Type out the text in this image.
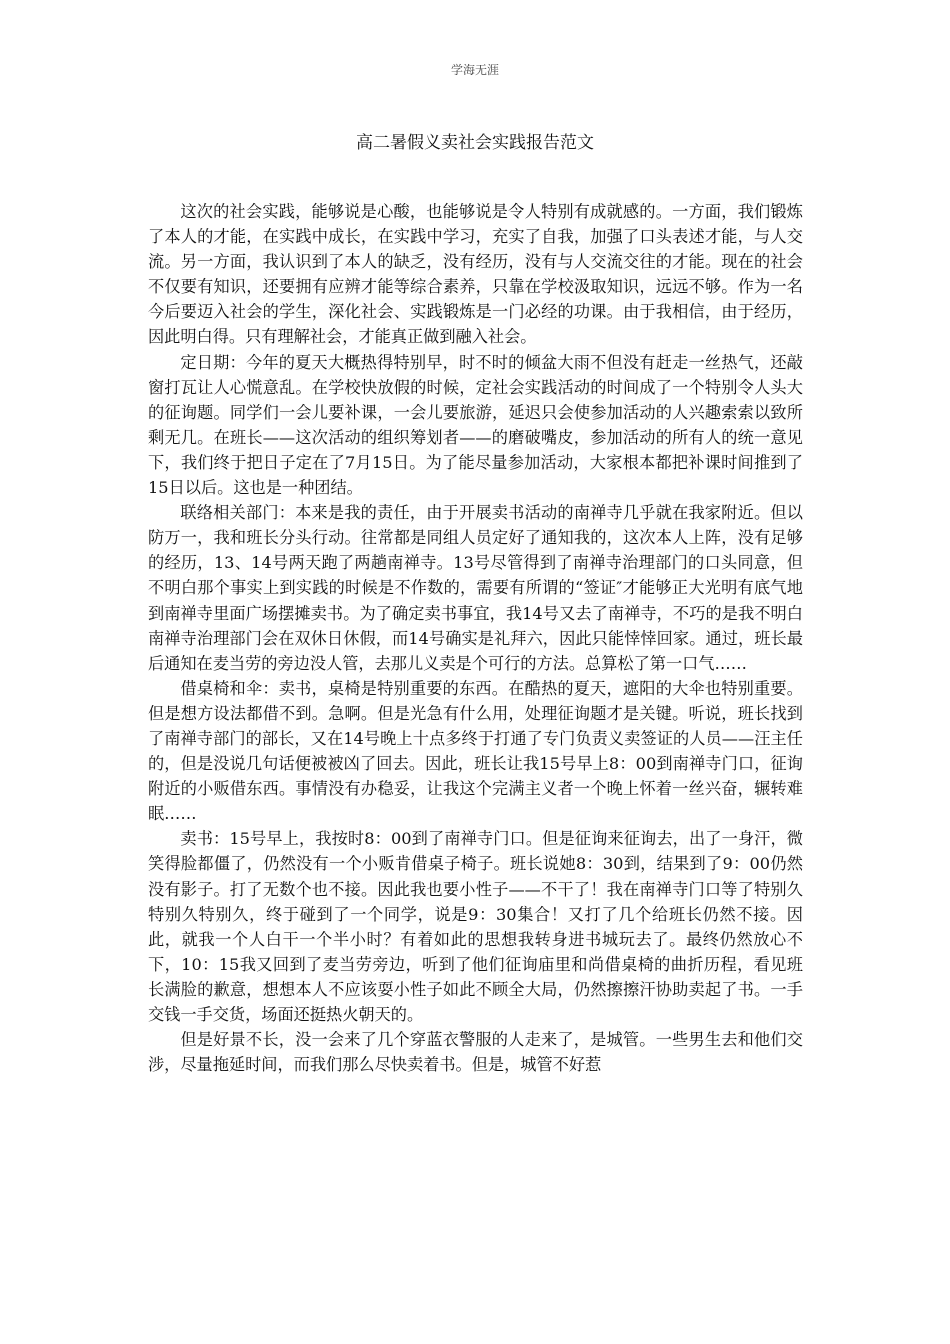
学海无涯
高二暑假义卖社会实践报告范文

这次的社会实践，能够说是心酸，也能够说是令人特别有成就感的。一方面，我们锻炼了本人的才能，在实践中成长，在实践中学习，充实了自我，加强了口头表述才能，与人交流。另一方面，我认识到了本人的缺乏，没有经历，没有与人交流交往的才能。现在的社会不仅要有知识，还要拥有应辨才能等综合素养，只靠在学校汲取知识，远远不够。作为一名今后要迈入社会的学生，深化社会、实践锻炼是一门必经的功课。由于我相信，由于经历，因此明白得。只有理解社会，才能真正做到融入社会。

定日期：今年的夏天大概热得特别早，时不时的倾盆大雨不但没有赶走一丝热气，还敲窗打瓦让人心慌意乱。在学校快放假的时候，定社会实践活动的时间成了一个特别令人头大的征询题。同学们一会儿要补课，一会儿要旅游，延迟只会使参加活动的人兴趣索索以致所剩无几。在班长——这次活动的组织筹划者——的磨破嘴皮，参加活动的所有人的统一意见下，我们终于把日子定在了7月15日。为了能尽量参加活动，大家根本都把补课时间推到了15日以后。这也是一种团结。

联络相关部门：本来是我的责任，由于开展卖书活动的南禅寺几乎就在我家附近。但以防万一，我和班长分头行动。往常都是同组人员定好了通知我的，这次本人上阵，没有足够的经历，13、14号两天跑了两趟南禅寺。13号尽管得到了南禅寺治理部门的口头同意，但不明白那个事实上到实践的时候是不作数的，需要有所谓的“签证″才能够正大光明有底气地到南禅寺里面广场摆摊卖书。为了确定卖书事宜，我14号又去了南禅寺，不巧的是我不明白南禅寺治理部门会在双休日休假，而14号确实是礼拜六，因此只能悻悻回家。通过，班长最后通知在麦当劳的旁边没人管，去那儿义卖是个可行的方法。总算松了第一口气……

借桌椅和伞：卖书，桌椅是特别重要的东西。在酷热的夏天，遮阳的大伞也特别重要。但是想方设法都借不到。急啊。但是光急有什么用，处理征询题才是关键。听说，班长找到了南禅寺部门的部长，又在14号晚上十点多终于打通了专门负责义卖签证的人员——汪主任的，但是没说几句话便被被凶了回去。因此，班长让我15号早上8：00到南禅寺门口，征询附近的小贩借东西。事情没有办稳妥，让我这个完满主义者一个晚上怀着一丝兴奋，辗转难眠……

卖书：15号早上，我按时8：00到了南禅寺门口。但是征询来征询去，出了一身汗，微笑得脸都僵了，仍然没有一个小贩肯借桌子椅子。班长说她8：30到，结果到了9：00仍然没有影子。打了无数个也不接。因此我也要小性子——不干了！我在南禅寺门口等了特别久特别久特别久，终于碰到了一个同学，说是9：30集合！又打了几个给班长仍然不接。因此，就我一个人白干一个半小时？有着如此的思想我转身进书城玩去了。最终仍然放心不下，10：15我又回到了麦当劳旁边，听到了他们征询庙里和尚借桌椅的曲折历程，看见班长满脸的歉意，想想本人不应该耍小性子如此不顾全大局，仍然擦擦汗协助卖起了书。一手交钱一手交货，场面还挺热火朝天的。

但是好景不长，没一会来了几个穿蓝衣警服的人走来了，是城管。一些男生去和他们交涉，尽量拖延时间，而我们那么尽快卖着书。但是，城管不好惹
